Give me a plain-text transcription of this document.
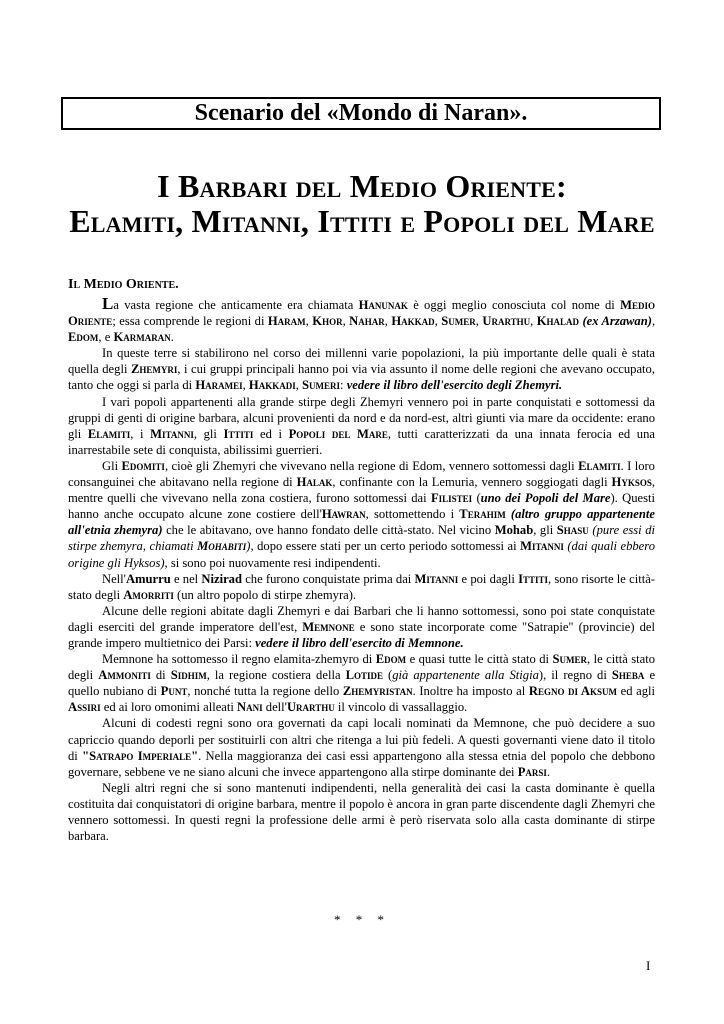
Scenario del «Mondo di Naran».
I Barbari del Medio Oriente:
Elamiti, Mitanni, Ittiti e Popoli del Mare
Il Medio Oriente.

La vasta regione che anticamente era chiamata Hanunak è oggi meglio conosciuta col nome di Medio Oriente; essa comprende le regioni di Haram, Khor, Nahar, Hakkad, Sumer, Urarthu, Khalad (ex Arzawan), Edom, e Karmaran.

In queste terre si stabilirono nel corso dei millenni varie popolazioni, la più importante delle quali è stata quella degli Zhemyri, i cui gruppi principali hanno poi via via assunto il nome delle regioni che avevano occupato, tanto che oggi si parla di Haramei, Hakkadi, Sumeri: vedere il libro dell'esercito degli Zhemyri.

I vari popoli appartenenti alla grande stirpe degli Zhemyri vennero poi in parte conquistati e sottomessi da gruppi di genti di origine barbara, alcuni provenienti da nord e da nord-est, altri giunti via mare da occidente: erano gli Elamiti, i Mitanni, gli Ittiti ed i Popoli del Mare, tutti caratterizzati da una innata ferocia ed una inarrestabile sete di conquista, abilissimi guerrieri.

Gli Edomiti, cioè gli Zhemyri che vivevano nella regione di Edom, vennero sottomessi dagli Elamiti. I loro consanguinei che abitavano nella regione di Halak, confinante con la Lemuria, vennero soggiogati dagli Hyksos, mentre quelli che vivevano nella zona costiera, furono sottomessi dai Filistei (uno dei Popoli del Mare). Questi hanno anche occupato alcune zone costiere dell'Hawran, sottomettendo i Terahim (altro gruppo appartenente all'etnia zhemyra) che le abitavano, ove hanno fondato delle città-stato. Nel vicino Mohab, gli Shasu (pure essi di stirpe zhemyra, chiamati Mohabiti), dopo essere stati per un certo periodo sottomessi ai Mitanni (dai quali ebbero origine gli Hyksos), si sono poi nuovamente resi indipendenti.

Nell'Amurru e nel Nizirad che furono conquistate prima dai Mitanni e poi dagli Ittiti, sono risorte le città-stato degli Amorriti (un altro popolo di stirpe zhemyra).

Alcune delle regioni abitate dagli Zhemyri e dai Barbari che li hanno sottomessi, sono poi state conquistate dagli eserciti del grande imperatore dell'est, Memnone e sono state incorporate come "Satrapie" (provincie) del grande impero multietnico dei Parsi: vedere il libro dell'esercito di Memnone.

Memnone ha sottomesso il regno elamita-zhemyro di Edom e quasi tutte le città stato di Sumer, le città stato degli Ammoniti di Sidhim, la regione costiera della Lotide (già appartenente alla Stigia), il regno di Sheba e quello nubiano di Punt, nonché tutta la regione dello Zhemyristan. Inoltre ha imposto al Regno di Aksum ed agli Assiri ed ai loro omonimi alleati Nani dell'Urarthu il vincolo di vassallaggio.

Alcuni di codesti regni sono ora governati da capi locali nominati da Memnone, che può decidere a suo capriccio quando deporli per sostituirli con altri che ritenga a lui più fedeli. A questi governanti viene dato il titolo di "Satrapo Imperiale". Nella maggioranza dei casi essi appartengono alla stessa etnia del popolo che debbono governare, sebbene ve ne siano alcuni che invece appartengono alla stirpe dominante dei Parsi.

Negli altri regni che si sono mantenuti indipendenti, nella generalità dei casi la casta dominante è quella costituita dai conquistatori di origine barbara, mentre il popolo è ancora in gran parte discendente dagli Zhemyri che vennero sottomessi. In questi regni la professione delle armi è però riservata solo alla casta dominante di stirpe barbara.

* * *
I
